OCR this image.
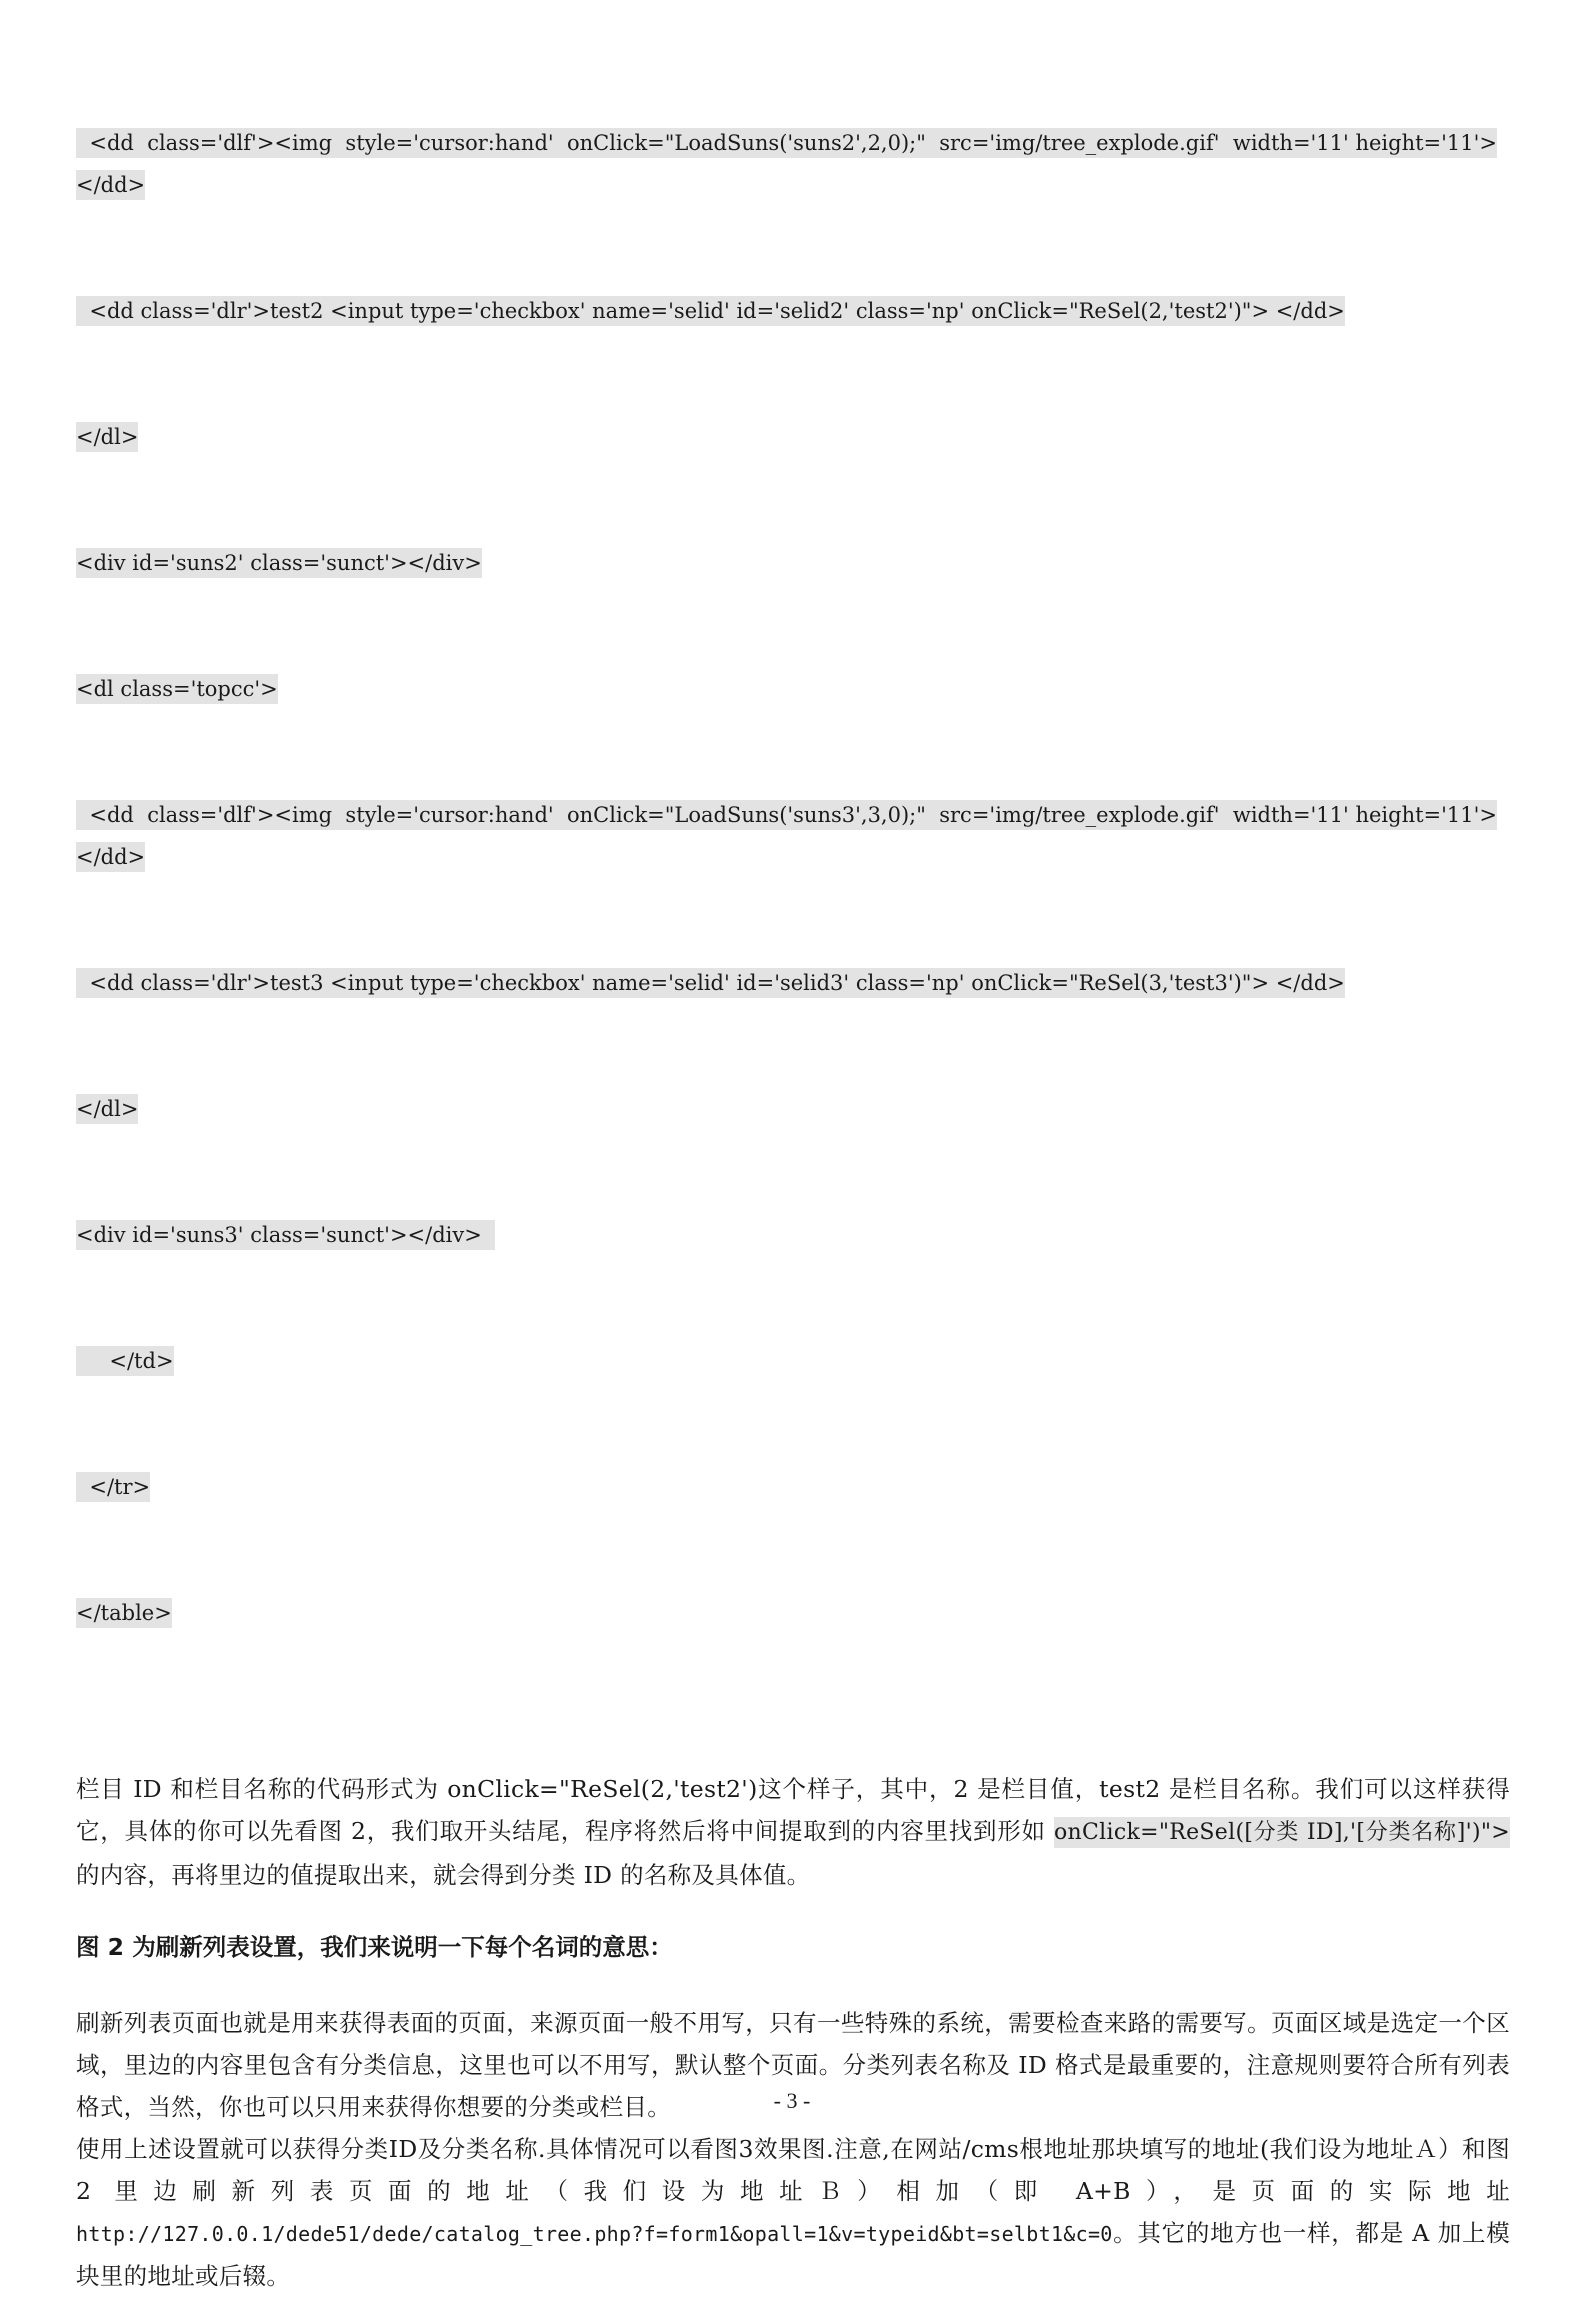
<dd  class='dlf'><img  style='cursor:hand'  onClick="LoadSuns('suns2',2,0);"  src='img/tree_explode.gif'  width='11' height='11'></dd>

<dd class='dlr'>test2 <input type='checkbox' name='selid' id='selid2' class='np' onClick="ReSel(2,'test2')"> </dd>

</dl>

<div id='suns2' class='sunct'></div>

<dl class='topcc'>

<dd  class='dlf'><img  style='cursor:hand'  onClick="LoadSuns('suns3',3,0);"  src='img/tree_explode.gif'  width='11' height='11'></dd>

<dd class='dlr'>test3 <input type='checkbox' name='selid' id='selid3' class='np' onClick="ReSel(3,'test3')"> </dd>

</dl>

<div id='suns3' class='sunct'></div>

</td>

</tr>

</table>

栏目 ID 和栏目名称的代码形式为 onClick="ReSel(2,'test2')这个样子，其中，2 是栏目值，test2 是栏目名称。我们可以这样获得它，具体的你可以先看图 2，我们取开头结尾，程序将然后将中间提取到的内容里找到形如 onClick="ReSel([分类 ID],'[分类名称]')"> 的内容，再将里边的值提取出来，就会得到分类 ID 的名称及具体值。

图 2 为刷新列表设置，我们来说明一下每个名词的意思：

刷新列表页面也就是用来获得表面的页面，来源页面一般不用写，只有一些特殊的系统，需要检查来路的需要写。页面区域是选定一个区域，里边的内容里包含有分类信息，这里也可以不用写，默认整个页面。分类列表名称及 ID 格式是最重要的，注意规则要符合所有列表格式，当然，你也可以只用来获得你想要的分类或栏目。

使用上述设置就可以获得分类ID及分类名称.具体情况可以看图3效果图.注意,在网站/cms根地址那块填写的地址(我们设为地址Ａ）和图 2 里边刷新列表页面的地址（我们设为地址Ｂ）相加（即 A+B），是页面的实际地址 http://127.0.0.1/dede51/dede/catalog_tree.php?f=form1&opall=1&v=typeid&bt=selbt1&c=0。其它的地方也一样，都是 A 加上模块里的地址或后辍。

- 3 -
